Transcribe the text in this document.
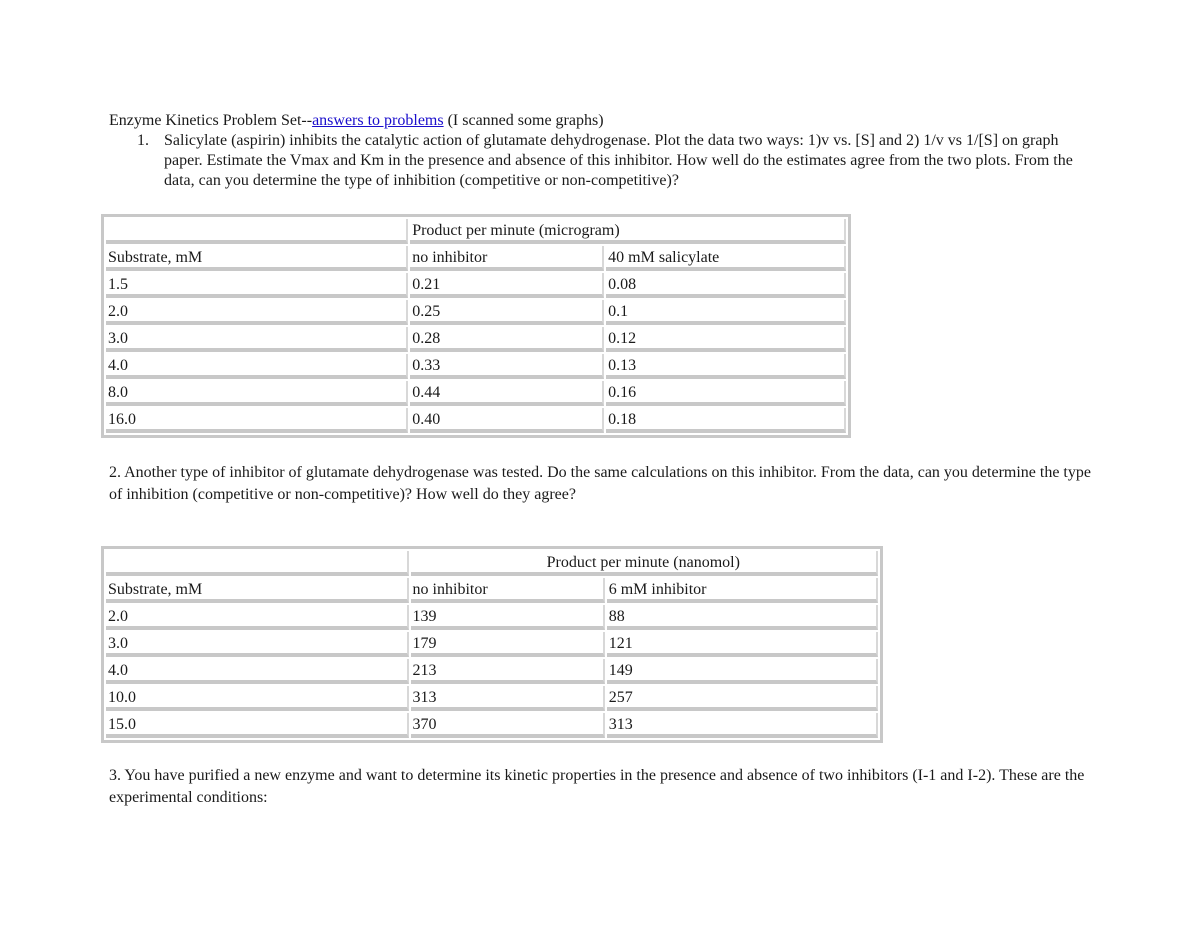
Enzyme Kinetics Problem Set--answers to problems (I scanned some graphs)
1. Salicylate (aspirin) inhibits the catalytic action of glutamate dehydrogenase. Plot the data two ways: 1)v vs. [S] and 2) 1/v vs 1/[S] on graph paper. Estimate the Vmax and Km in the presence and absence of this inhibitor. How well do the estimates agree from the two plots. From the data, can you determine the type of inhibition (competitive or non-competitive)?
	Product per minute (microgram)	
Substrate, mM	no inhibitor	40 mM salicylate
1.5	0.21	0.08
2.0	0.25	0.1
3.0	0.28	0.12
4.0	0.33	0.13
8.0	0.44	0.16
16.0	0.40	0.18
2. Another type of inhibitor of glutamate dehydrogenase was tested. Do the same calculations on this inhibitor. From the data, can you determine the type of inhibition (competitive or non-competitive)? How well do they agree?
	Product per minute (nanomol)	
Substrate, mM	no inhibitor	6 mM inhibitor
2.0	139	88
3.0	179	121
4.0	213	149
10.0	313	257
15.0	370	313
3. You have purified a new enzyme and want to determine its kinetic properties in the presence and absence of two inhibitors (I-1 and I-2). These are the experimental conditions:
